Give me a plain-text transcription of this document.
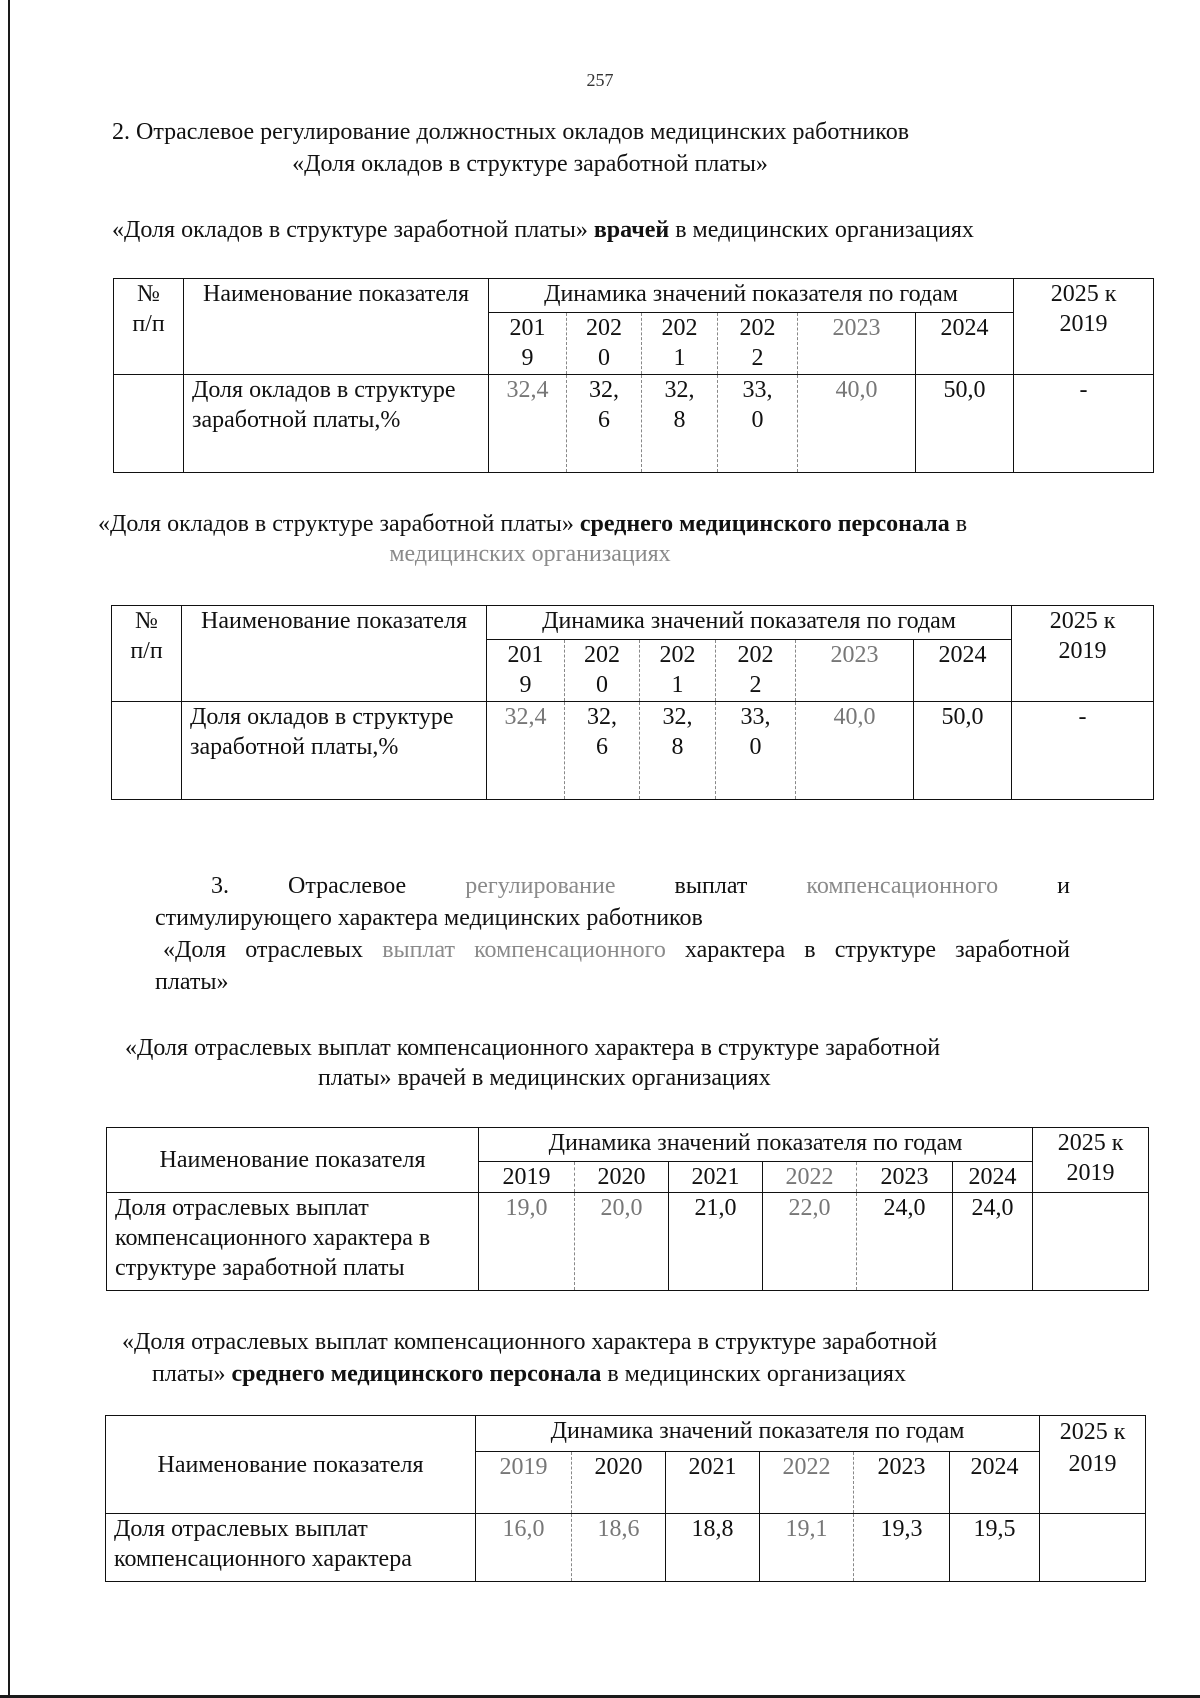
257
2. Отраслевое регулирование должностных окладов медицинских работников
«Доля окладов в структуре заработной платы»
«Доля окладов в структуре заработной платы» врачей в медицинских организациях
№ п/п	Наименование показателя	Динамика значений показателя по годам						2025 к 2019

		2019	2020	2021	2022	2023	2024	
	Доля окладов в структуре заработной платы,%	32,4	32,6	32,8	33,0	40,0	50,0	-
«Доля окладов в структуре заработной платы» среднего медицинского персонала в
медицинских организациях
№ п/п	Наименование показателя	Динамика значений показателя по годам						2025 к 2019

		2019	2020	2021	2022	2023	2024	
	Доля окладов в структуре заработной платы,%	32,4	32,6	32,8	33,0	40,0	50,0	-
3. Отраслевое регулирование выплат компенсационного и
стимулирующего характера медицинских работников
«Доля отраслевых выплат компенсационного характера в структуре заработной
платы»
«Доля отраслевых выплат компенсационного характера в структуре заработной
платы» врачей в медицинских организациях
Наименование показателя	Динамика значений показателя по годам						2025 к 2019

	2019	2020	2021	2022	2023	2024	
Доля отраслевых выплат компенсационного характера в структуре заработной платы	19,0	20,0	21,0	22,0	24,0	24,0	
«Доля отраслевых выплат компенсационного характера в структуре заработной
платы» среднего медицинского персонала в медицинских организациях
Наименование показателя	Динамика значений показателя по годам						2025 к 2019

	2019	2020	2021	2022	2023	2024	
Доля отраслевых выплат компенсационного характера	16,0	18,6	18,8	19,1	19,3	19,5	
